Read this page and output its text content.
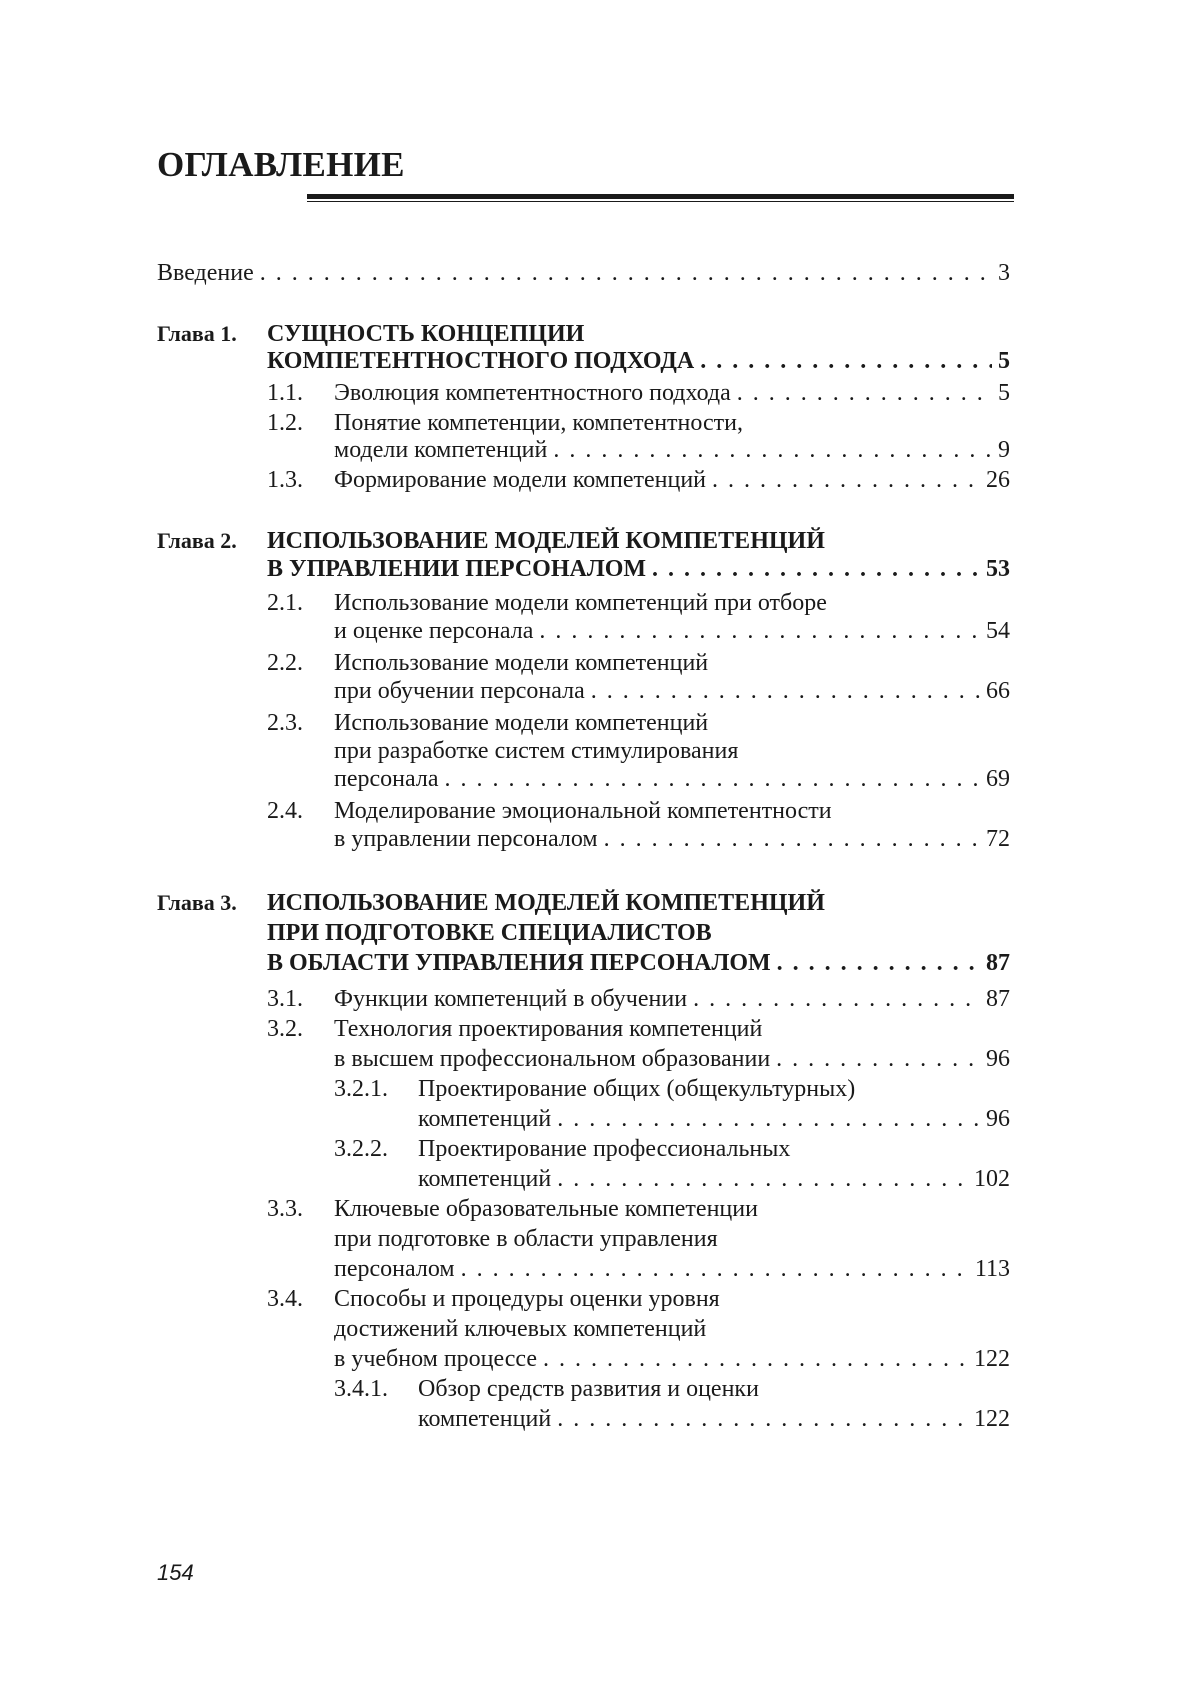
ОГЛАВЛЕНИЕ
Введение . . .	3
Глава 1. СУЩНОСТЬ КОНЦЕПЦИИ
КОМПЕТЕНТНОСТНОГО ПОДХОДА . . .	5
1.1. Эволюция компетентностного подхода . . .	5
1.2. Понятие компетенции, компетентности,
модели компетенций . . .	9
1.3. Формирование модели компетенций . . .	26
Глава 2. ИСПОЛЬЗОВАНИЕ МОДЕЛЕЙ КОМПЕТЕНЦИЙ
В УПРАВЛЕНИИ ПЕРСОНАЛОМ . . .	53
2.1. Использование модели компетенций при отборе
и оценке персонала . . .	54
2.2. Использование модели компетенций
при обучении персонала . . .	66
2.3. Использование модели компетенций
при разработке систем стимулирования
персонала . . .	69
2.4. Моделирование эмоциональной компетентности
в управлении персоналом . . .	72
Глава 3. ИСПОЛЬЗОВАНИЕ МОДЕЛЕЙ КОМПЕТЕНЦИЙ
ПРИ ПОДГОТОВКЕ СПЕЦИАЛИСТОВ
В ОБЛАСТИ УПРАВЛЕНИЯ ПЕРСОНАЛОМ . . .	87
3.1. Функции компетенций в обучении . . .	87
3.2. Технология проектирования компетенций
в высшем профессиональном образовании . . .	96
3.2.1. Проектирование общих (общекультурных)
компетенций . . .	96
3.2.2. Проектирование профессиональных
компетенций . . .	102
3.3. Ключевые образовательные компетенции
при подготовке в области управления
персоналом . . .	113
3.4. Способы и процедуры оценки уровня
достижений ключевых компетенций
в учебном процессе . . .	122
3.4.1. Обзор средств развития и оценки
компетенций . . .	122
154
